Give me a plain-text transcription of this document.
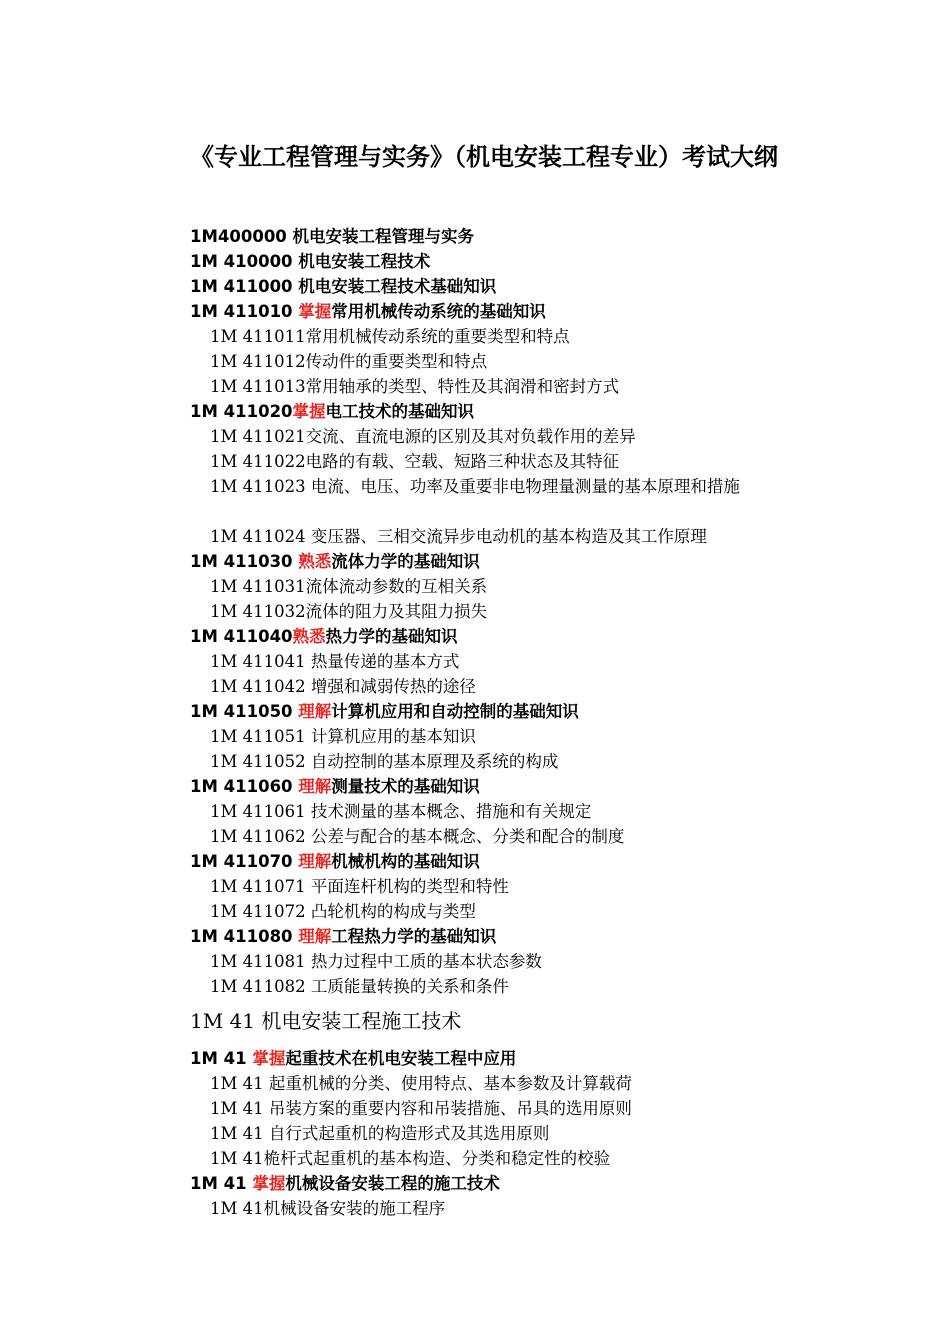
《专业工程管理与实务》（机电安装工程专业）考试大纲
1M400000 机电安装工程管理与实务
1M 410000 机电安装工程技术
1M 411000 机电安装工程技术基础知识
1M 411010 掌握常用机械传动系统的基础知识
1M 411011常用机械传动系统的重要类型和特点
1M 411012传动件的重要类型和特点
1M 411013常用轴承的类型、特性及其润滑和密封方式
1M 411020掌握电工技术的基础知识
1M 411021交流、直流电源的区别及其对负载作用的差异
1M 411022电路的有载、空载、短路三种状态及其特征
1M 411023 电流、电压、功率及重要非电物理量测量的基本原理和措施
1M 411024 变压器、三相交流异步电动机的基本构造及其工作原理
1M 411030 熟悉流体力学的基础知识
1M 411031流体流动参数的互相关系
1M 411032流体的阻力及其阻力损失
1M 411040熟悉热力学的基础知识
1M 411041 热量传递的基本方式
1M 411042 增强和减弱传热的途径
1M 411050 理解计算机应用和自动控制的基础知识
1M 411051 计算机应用的基本知识
1M 411052 自动控制的基本原理及系统的构成
1M 411060 理解测量技术的基础知识
1M 411061 技术测量的基本概念、措施和有关规定
1M 411062 公差与配合的基本概念、分类和配合的制度
1M 411070 理解机械机构的基础知识
1M 411071 平面连杆机构的类型和特性
1M 411072 凸轮机构的构成与类型
1M 411080 理解工程热力学的基础知识
1M 411081 热力过程中工质的基本状态参数
1M 411082 工质能量转换的关系和条件
1M 41 机电安装工程施工技术
1M 41 掌握起重技术在机电安装工程中应用
1M 41 起重机械的分类、使用特点、基本参数及计算载荷
1M 41 吊装方案的重要内容和吊装措施、吊具的选用原则
1M 41 自行式起重机的构造形式及其选用原则
1M 41桅杆式起重机的基本构造、分类和稳定性的校验
1M 41 掌握机械设备安装工程的施工技术
1M 41机械设备安装的施工程序
